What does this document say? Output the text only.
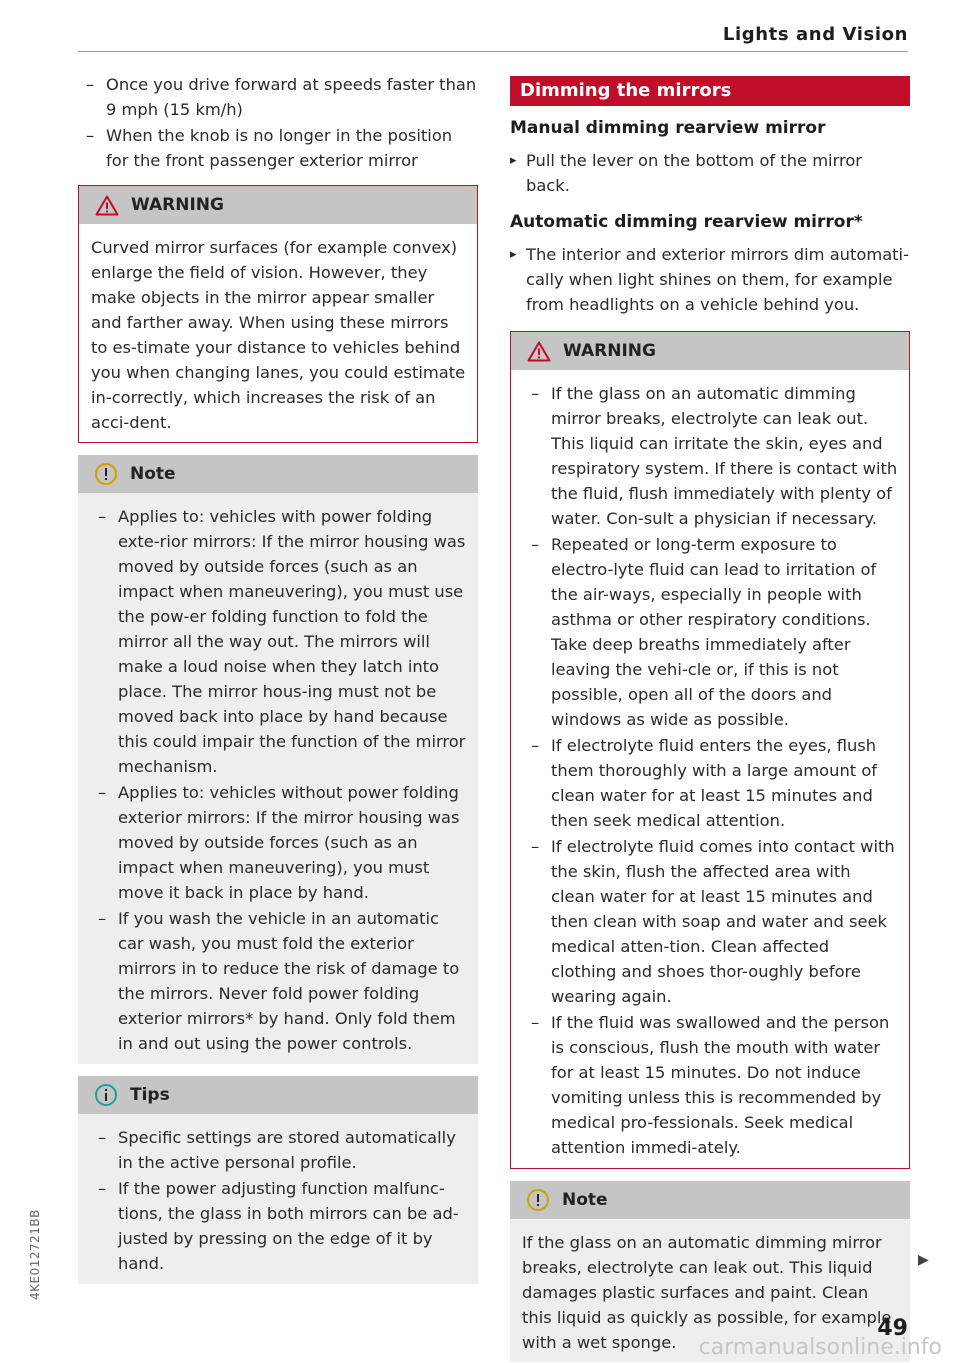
Lights and Vision
– Once you drive forward at speeds faster than 9 mph (15 km/h)
– When the knob is no longer in the position for the front passenger exterior mirror
WARNING
Curved mirror surfaces (for example convex) enlarge the field of vision. However, they make objects in the mirror appear smaller and farther away. When using these mirrors to es-timate your distance to vehicles behind you when changing lanes, you could estimate in-correctly, which increases the risk of an acci-dent.
Note
– Applies to: vehicles with power folding exte-rior mirrors: If the mirror housing was moved by outside forces (such as an impact when maneuvering), you must use the pow-er folding function to fold the mirror all the way out. The mirrors will make a loud noise when they latch into place. The mirror hous-ing must not be moved back into place by hand because this could impair the function of the mirror mechanism.
– Applies to: vehicles without power folding exterior mirrors: If the mirror housing was moved by outside forces (such as an impact when maneuvering), you must move it back in place by hand.
– If you wash the vehicle in an automatic car wash, you must fold the exterior mirrors in to reduce the risk of damage to the mirrors. Never fold power folding exterior mirrors* by hand. Only fold them in and out using the power controls.
Tips
– Specific settings are stored automatically in the active personal profile.
– If the power adjusting function malfunc-tions, the glass in both mirrors can be ad-justed by pressing on the edge of it by hand.
Dimming the mirrors
Manual dimming rearview mirror
▸ Pull the lever on the bottom of the mirror back.
Automatic dimming rearview mirror*
▸ The interior and exterior mirrors dim automati-cally when light shines on them, for example from headlights on a vehicle behind you.
WARNING
– If the glass on an automatic dimming mirror breaks, electrolyte can leak out. This liquid can irritate the skin, eyes and respiratory system. If there is contact with the fluid, flush immediately with plenty of water. Con-sult a physician if necessary.
– Repeated or long-term exposure to electro-lyte fluid can lead to irritation of the air-ways, especially in people with asthma or other respiratory conditions. Take deep breaths immediately after leaving the vehi-cle or, if this is not possible, open all of the doors and windows as wide as possible.
– If electrolyte fluid enters the eyes, flush them thoroughly with a large amount of clean water for at least 15 minutes and then seek medical attention.
– If electrolyte fluid comes into contact with the skin, flush the affected area with clean water for at least 15 minutes and then clean with soap and water and seek medical atten-tion. Clean affected clothing and shoes thor-oughly before wearing again.
– If the fluid was swallowed and the person is conscious, flush the mouth with water for at least 15 minutes. Do not induce vomiting unless this is recommended by medical pro-fessionals. Seek medical attention immedi-ately.
Note
If the glass on an automatic dimming mirror breaks, electrolyte can leak out. This liquid damages plastic surfaces and paint. Clean this liquid as quickly as possible, for example with a wet sponge.
▶
49
4KE012721BB
carmanualsonline.info
